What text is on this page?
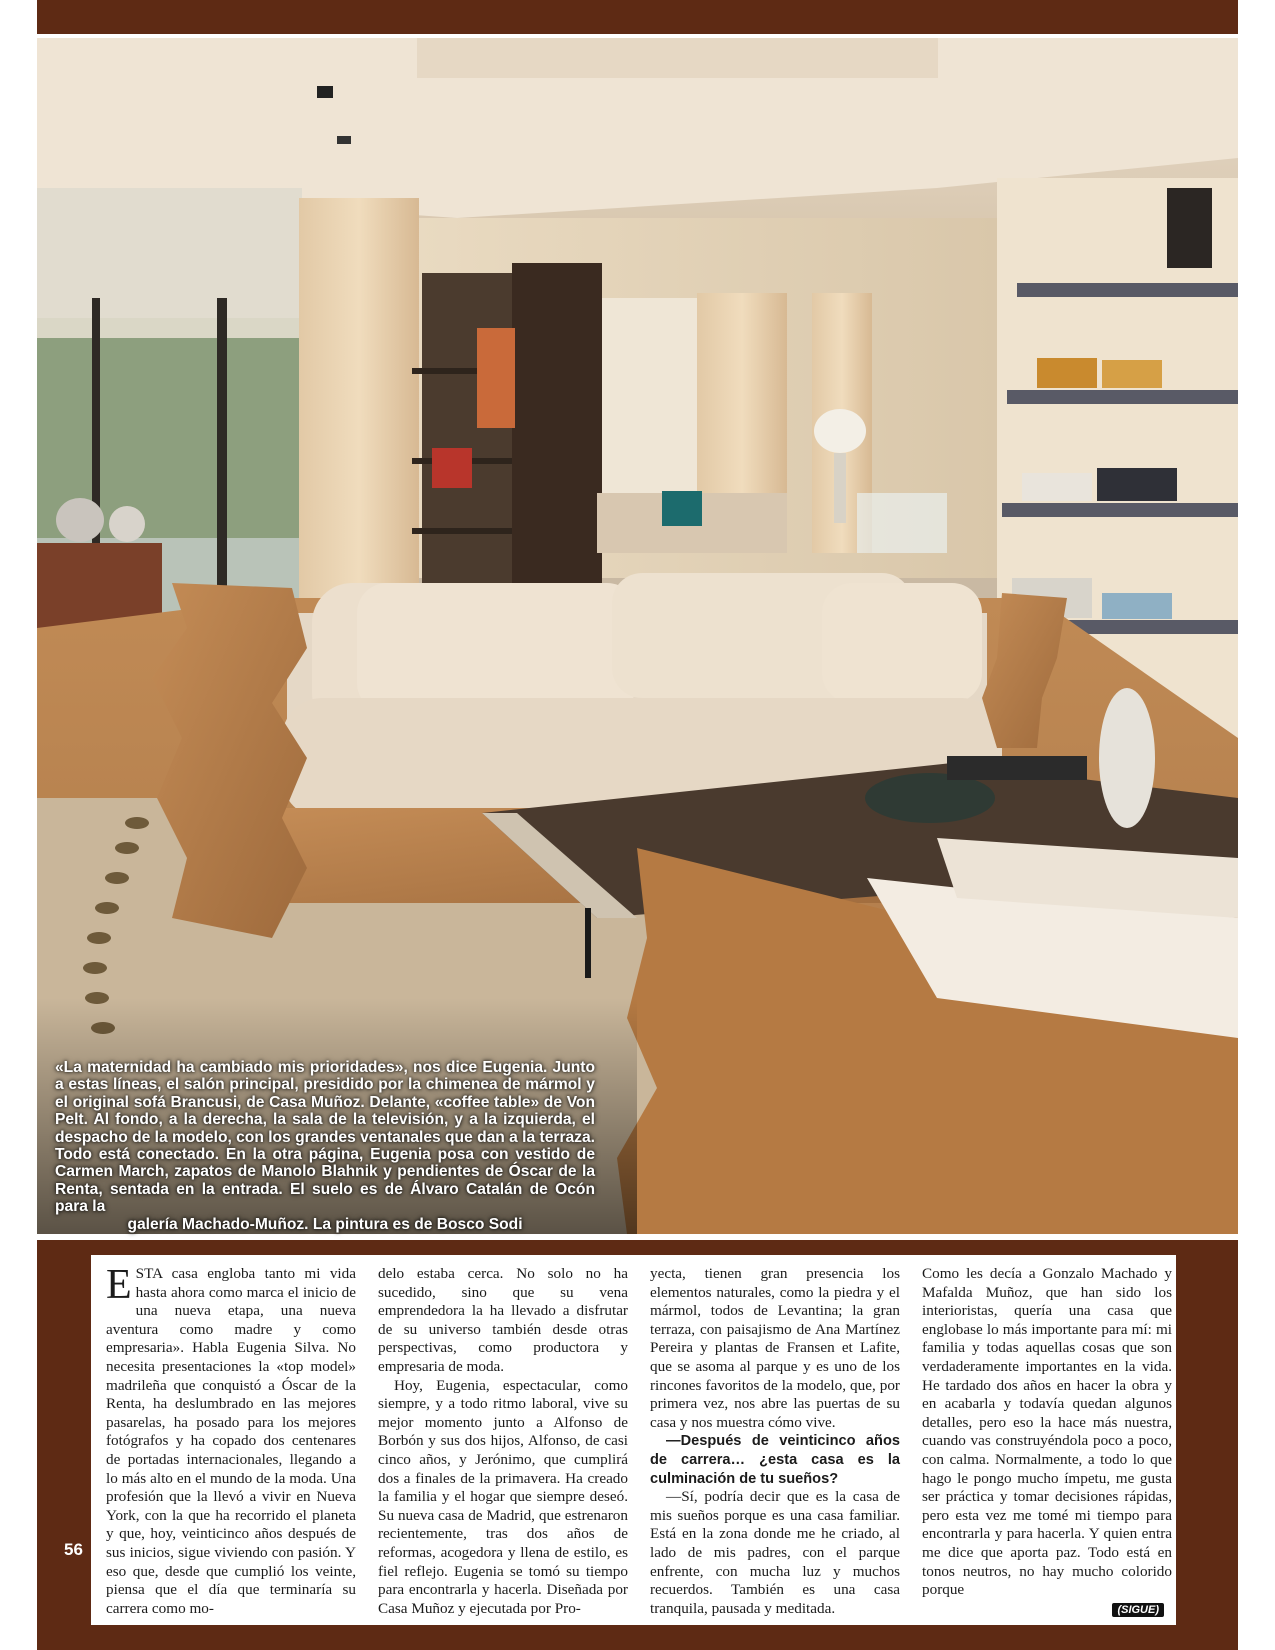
«La maternidad ha cambiado mis prioridades», nos dice Eugenia. Junto a estas líneas, el salón principal, presidido por la chimenea de mármol y el original sofá Brancusi, de Casa Muñoz. Delante, «coffee table» de Von Pelt. Al fondo, a la derecha, la sala de la televisión, y a la izquierda, el despacho de la modelo, con los grandes ventanales que dan a la terraza. Todo está conectado. En la otra página, Eugenia posa con vestido de Carmen March, zapatos de Manolo Blahnik y pendientes de Óscar de la Renta, sentada en la entrada. El suelo es de Álvaro Catalán de Ocón para la
galería Machado-Muñoz. La pintura es de Bosco Sodi

ESTA casa engloba tanto mi vida hasta ahora como marca el inicio de una nueva etapa, una nueva aventura como madre y como empresaria». Habla Eugenia Silva. No necesita presentaciones la «top model» madrileña que conquistó a Óscar de la Renta, ha deslumbrado en las mejores pasarelas, ha posado para los mejores fotógrafos y ha copado dos centenares de portadas internacionales, llegando a lo más alto en el mundo de la moda. Una profesión que la llevó a vivir en Nueva York, con la que ha recorrido el planeta y que, hoy, veinticinco años después de sus inicios, sigue viviendo con pasión. Y eso que, desde que cumplió los veinte, piensa que el día que terminaría su carrera como mo-

delo estaba cerca. No solo no ha sucedido, sino que su vena emprendedora la ha llevado a disfrutar de su universo también desde otras perspectivas, como productora y empresaria de moda.

Hoy, Eugenia, espectacular, como siempre, y a todo ritmo laboral, vive su mejor momento junto a Alfonso de Borbón y sus dos hijos, Alfonso, de casi cinco años, y Jerónimo, que cumplirá dos a finales de la primavera. Ha creado la familia y el hogar que siempre deseó. Su nueva casa de Madrid, que estrenaron recientemente, tras dos años de reformas, acogedora y llena de estilo, es fiel reflejo. Eugenia se tomó su tiempo para encontrarla y hacerla. Diseñada por Casa Muñoz y ejecutada por Pro-

yecta, tienen gran presencia los elementos naturales, como la piedra y el mármol, todos de Levantina; la gran terraza, con paisajismo de Ana Martínez Pereira y plantas de Fransen et Lafite, que se asoma al parque y es uno de los rincones favoritos de la modelo, que, por primera vez, nos abre las puertas de su casa y nos muestra cómo vive.

—Después de veinticinco años de carrera… ¿esta casa es la culminación de tu sueños?

—Sí, podría decir que es la casa de mis sueños porque es una casa familiar. Está en la zona donde me he criado, al lado de mis padres, con el parque enfrente, con mucha luz y muchos recuerdos. También es una casa tranquila, pausada y meditada.

Como les decía a Gonzalo Machado y Mafalda Muñoz, que han sido los interioristas, quería una casa que englobase lo más importante para mí: mi familia y todas aquellas cosas que son verdaderamente importantes en la vida. He tardado dos años en hacer la obra y en acabarla y todavía quedan algunos detalles, pero eso la hace más nuestra, cuando vas construyéndola poco a poco, con calma. Normalmente, a todo lo que hago le pongo mucho ímpetu, me gusta ser práctica y tomar decisiones rápidas, pero esta vez me tomé mi tiempo para encontrarla y para hacerla. Y quien entra me dice que aporta paz. Todo está en tonos neutros, no hay mucho colorido porque

(SIGUE)
56
